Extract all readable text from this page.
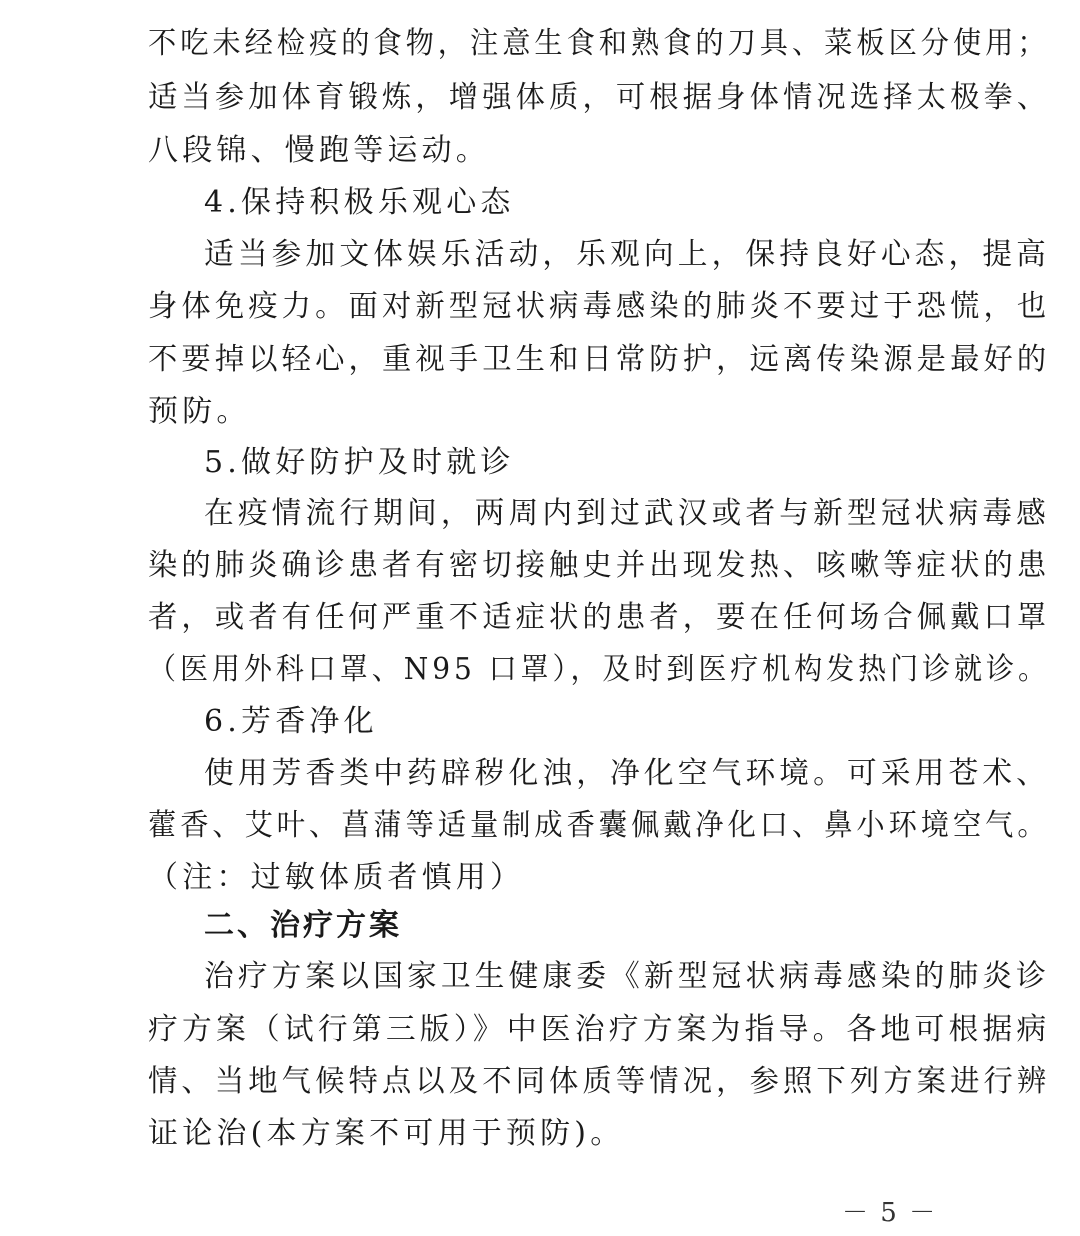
不吃未经检疫的食物，注意生食和熟食的刀具、菜板区分使用；
适当参加体育锻炼，增强体质，可根据身体情况选择太极拳、
八段锦、慢跑等运动。
4.保持积极乐观心态
适当参加文体娱乐活动，乐观向上，保持良好心态，提高
身体免疫力。面对新型冠状病毒感染的肺炎不要过于恐慌，也
不要掉以轻心，重视手卫生和日常防护，远离传染源是最好的
预防。
5.做好防护及时就诊
在疫情流行期间，两周内到过武汉或者与新型冠状病毒感
染的肺炎确诊患者有密切接触史并出现发热、咳嗽等症状的患
者，或者有任何严重不适症状的患者，要在任何场合佩戴口罩
（医用外科口罩、N95 口罩），及时到医疗机构发热门诊就诊。
6.芳香净化
使用芳香类中药辟秽化浊，净化空气环境。可采用苍术、
藿香、艾叶、菖蒲等适量制成香囊佩戴净化口、鼻小环境空气。
（注：过敏体质者慎用）
二、治疗方案
治疗方案以国家卫生健康委《新型冠状病毒感染的肺炎诊
疗方案（试行第三版）》中医治疗方案为指导。各地可根据病
情、当地气候特点以及不同体质等情况，参照下列方案进行辨
证论治(本方案不可用于预防)。
－ 5 －
